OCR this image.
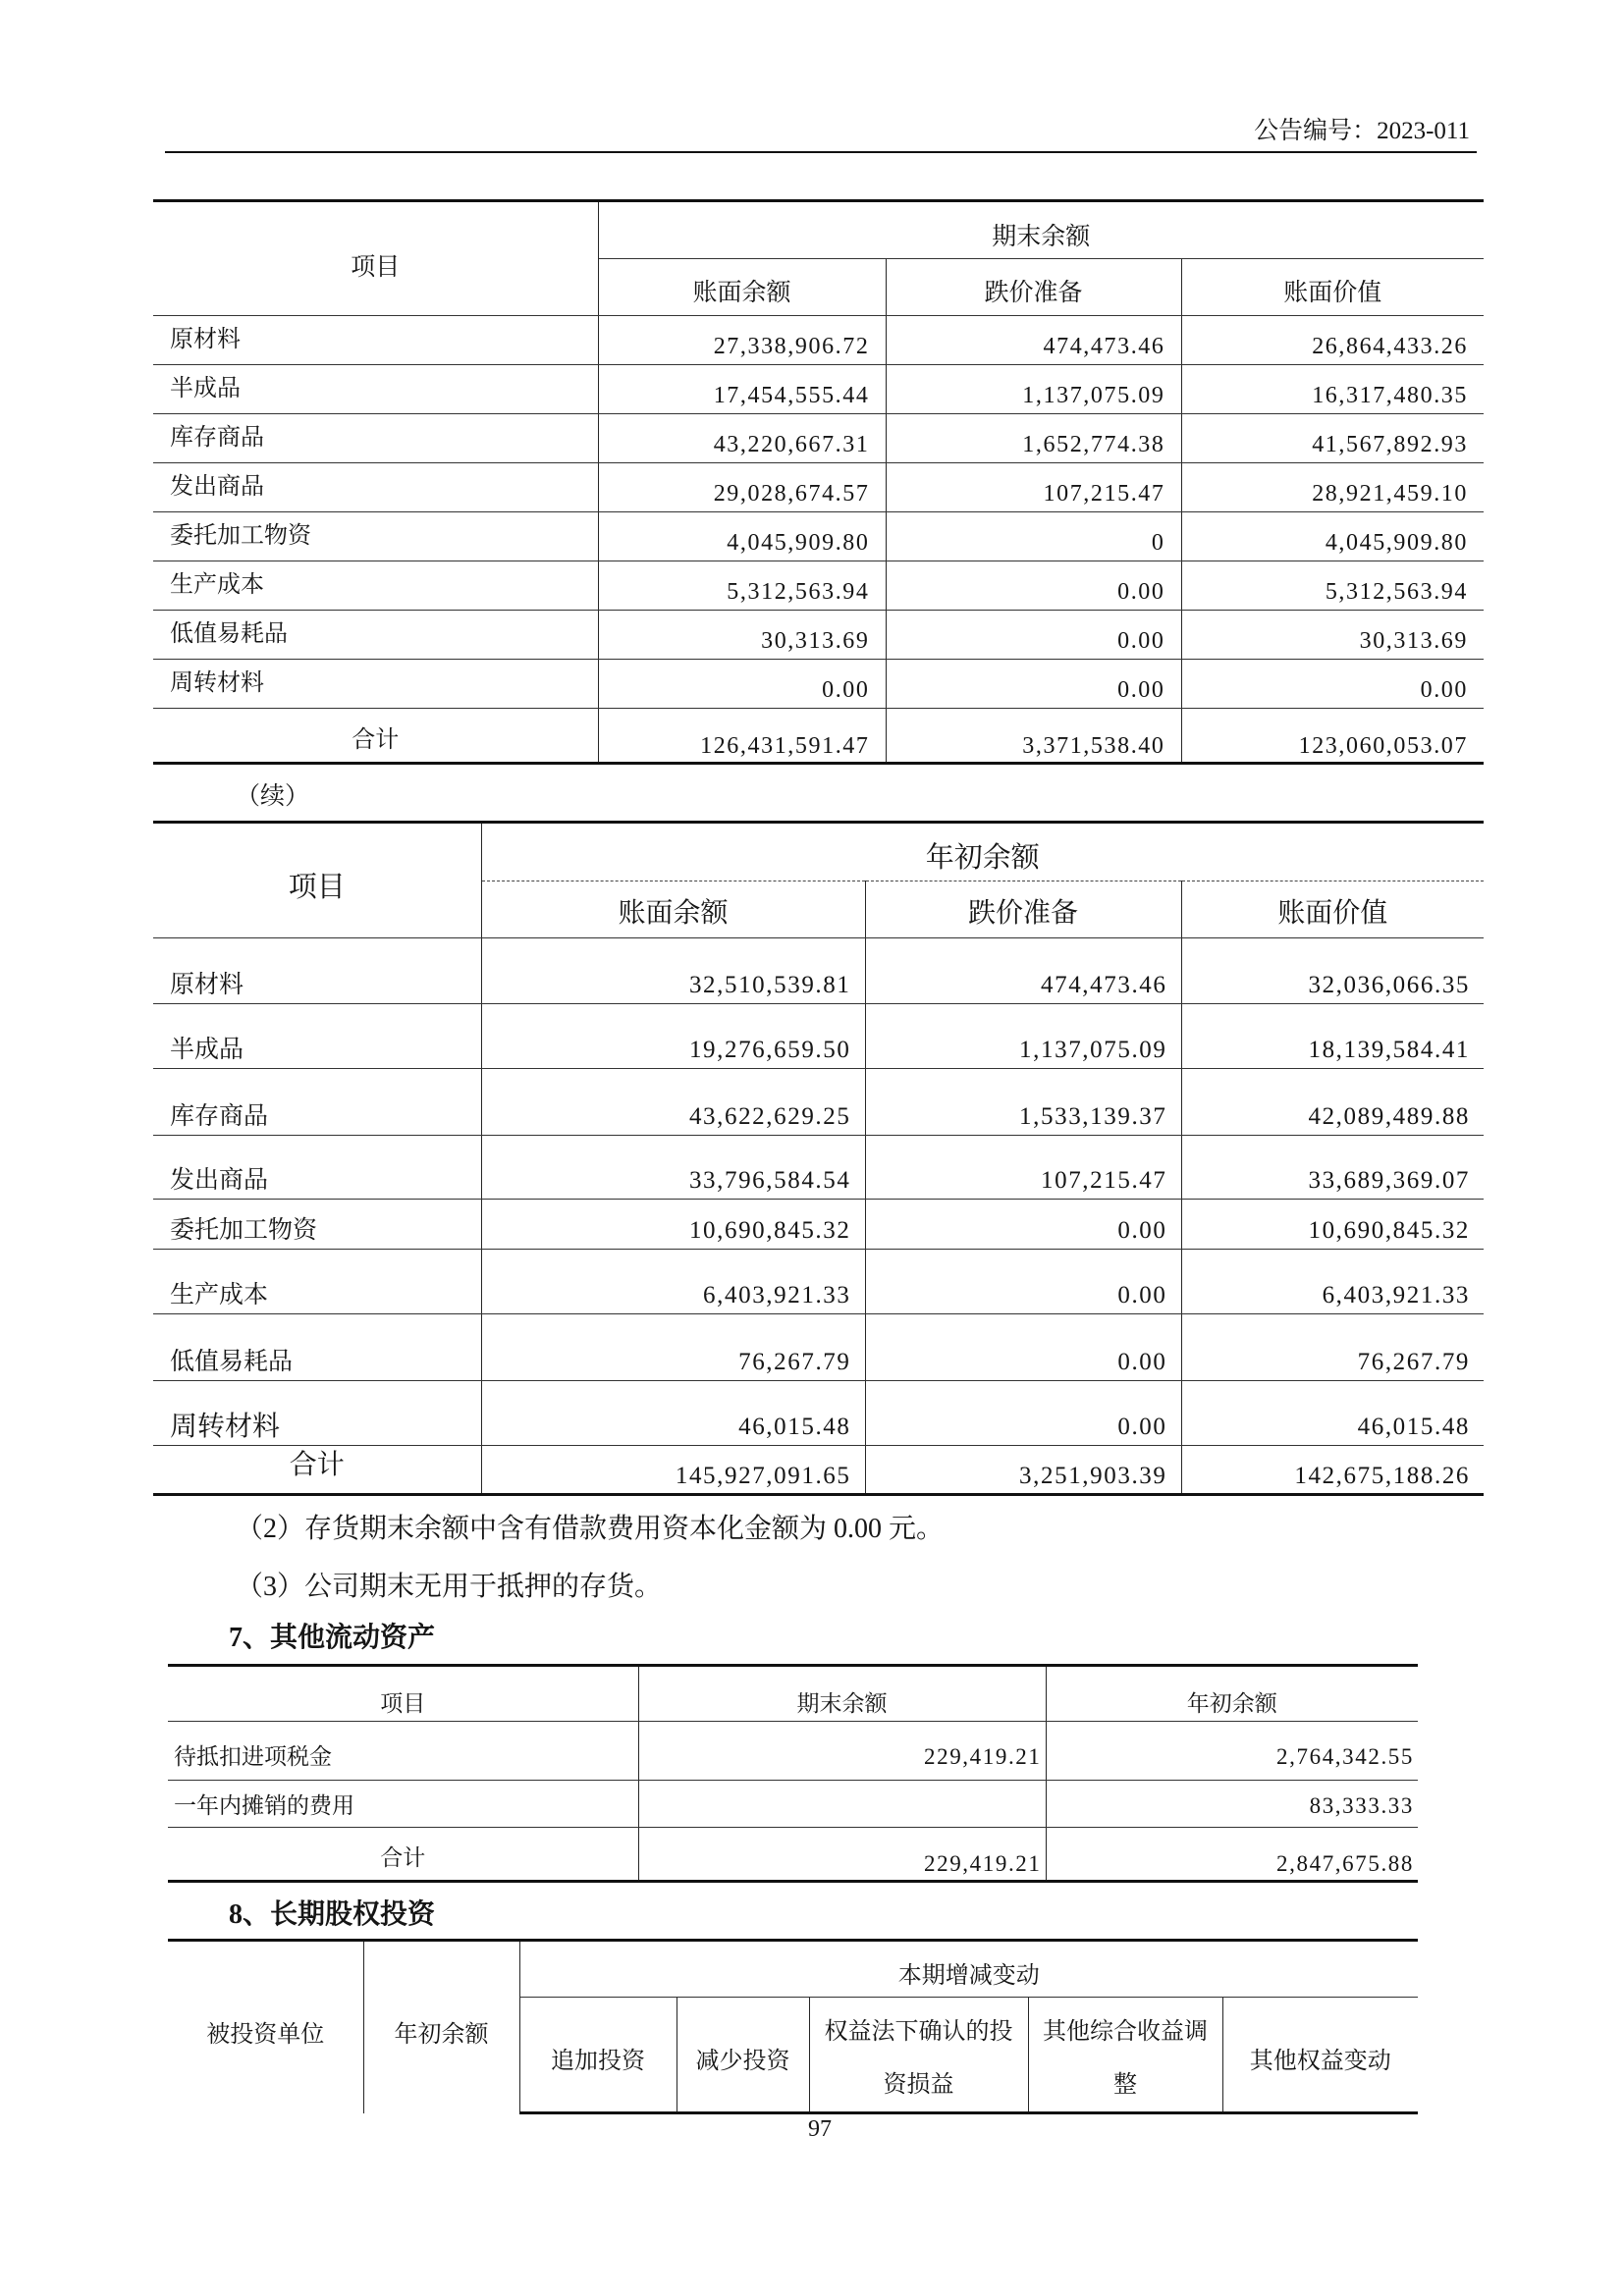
公告编号：2023-011
项目	期末余额		
	账面余额	跌价准备	账面价值
原材料	27,338,906.72	474,473.46	26,864,433.26
半成品	17,454,555.44	1,137,075.09	16,317,480.35
库存商品	43,220,667.31	1,652,774.38	41,567,892.93
发出商品	29,028,674.57	107,215.47	28,921,459.10
委托加工物资	4,045,909.80	0	4,045,909.80
生产成本	5,312,563.94	0.00	5,312,563.94
低值易耗品	30,313.69	0.00	30,313.69
周转材料	0.00	0.00	0.00
合计	126,431,591.47	3,371,538.40	123,060,053.07
（续）
项目	年初余额		
	账面余额	跌价准备	账面价值
原材料	32,510,539.81	474,473.46	32,036,066.35
半成品	19,276,659.50	1,137,075.09	18,139,584.41
库存商品	43,622,629.25	1,533,139.37	42,089,489.88
发出商品	33,796,584.54	107,215.47	33,689,369.07
委托加工物资	10,690,845.32	0.00	10,690,845.32
生产成本	6,403,921.33	0.00	6,403,921.33
低值易耗品	76,267.79	0.00	76,267.79
周转材料	46,015.48	0.00	46,015.48
合计	145,927,091.65	3,251,903.39	142,675,188.26
（2）存货期末余额中含有借款费用资本化金额为 0.00 元。
（3）公司期末无用于抵押的存货。
7、其他流动资产
项目	期末余额	年初余额
待抵扣进项税金	229,419.21	2,764,342.55
一年内摊销的费用		83,333.33
合计	229,419.21	2,847,675.88
8、长期股权投资
被投资单位	年初余额	本期增减变动				
		追加投资	减少投资	权益法下确认的投资损益	其他综合收益调整	其他权益变动
97
